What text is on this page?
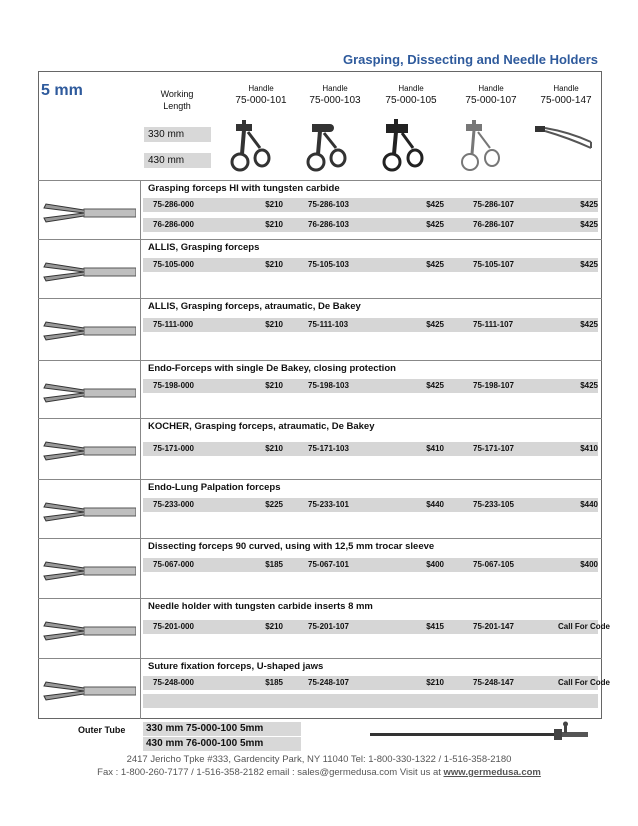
Grasping, Dissecting and Needle Holders
5 mm	Working Length
330 mm
430 mm
Handle
75-000-101
Handle
75-000-103
Handle
75-000-105
Handle
75-000-107
Handle
75-000-147
Grasping forceps HI with tungsten carbide
75-286-000	$210	75-286-103	$425	75-286-107	$425
76-286-000	$210	76-286-103	$425	76-286-107	$425
ALLIS, Grasping forceps
75-105-000	$210	75-105-103	$425	75-105-107	$425
ALLIS, Grasping forceps, atraumatic, De Bakey
75-111-000	$210	75-111-103	$425	75-111-107	$425
Endo-Forceps with single De Bakey, closing protection
75-198-000	$210	75-198-103	$425	75-198-107	$425
KOCHER, Grasping forceps, atraumatic, De Bakey
75-171-000	$210	75-171-103	$410	75-171-107	$410
Endo-Lung Palpation forceps
75-233-000	$225	75-233-101	$440	75-233-105	$440
Dissecting forceps 90 curved, using with 12,5 mm trocar sleeve
75-067-000	$185	75-067-101	$400	75-067-105	$400
Needle holder with tungsten carbide inserts 8 mm
75-201-000	$210	75-201-107	$415	75-201-147	Call For Code
Suture fixation forceps, U-shaped jaws
75-248-000	$185	75-248-107	$210	75-248-147	Call For Code
Outer Tube	330 mm 75-000-100 5mm
430 mm 76-000-100 5mm
2417 Jericho Tpke #333, Gardencity Park, NY 11040 Tel: 1-800-330-1322 / 1-516-358-2180
Fax : 1-800-260-7177 / 1-516-358-2182 email : sales@germedusa.com Visit us at www.germedusa.com
